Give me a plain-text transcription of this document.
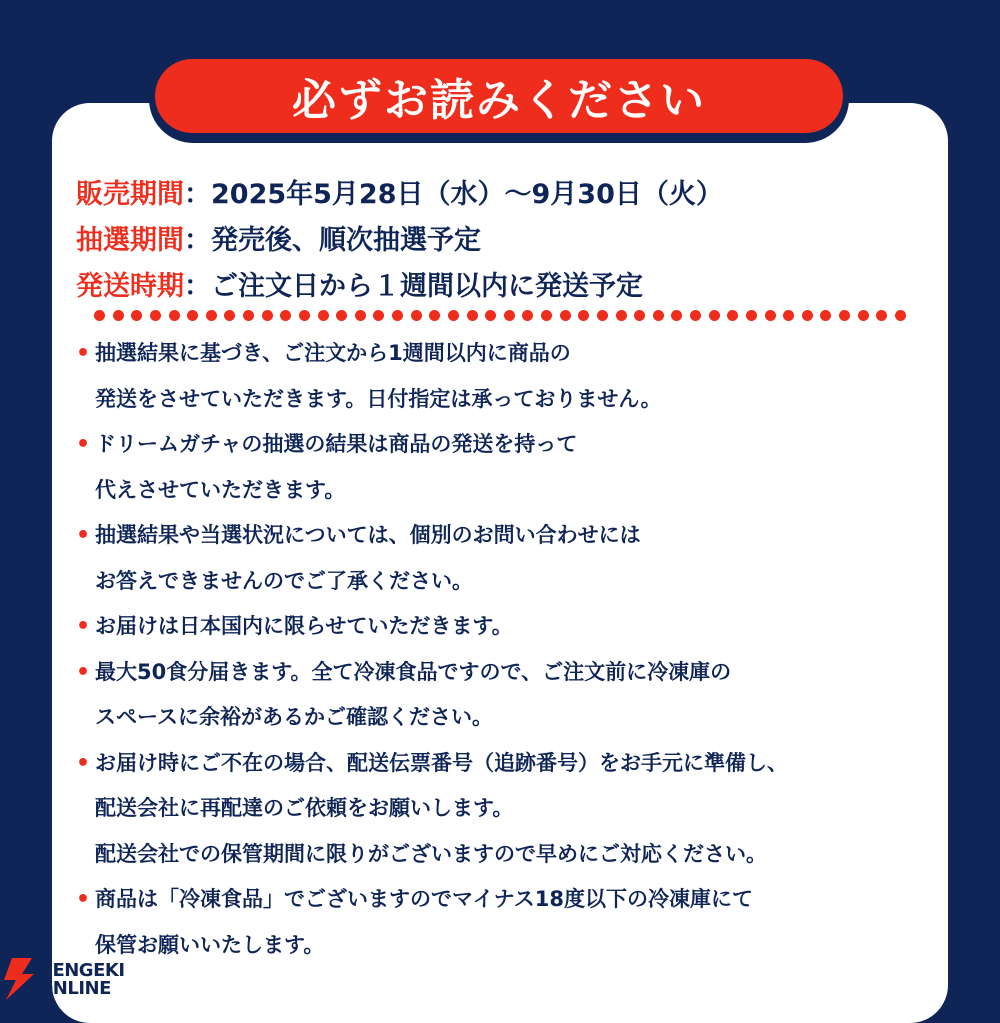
必ずお読みください
販売期間 ： 2025年5月28日（水）～9月30日（火）
抽選期間 ： 発売後、順次抽選予定
発送時期 ： ご注文日から１週間以内に発送予定
• 抽選結果に基づき、ご注文から1週間以内に商品の
発送をさせていただきます。日付指定は承っておりません。
• ドリームガチャの抽選の結果は商品の発送を持って
代えさせていただきます。
• 抽選結果や当選状況については、個別のお問い合わせには
お答えできませんのでご了承ください。
• お届けは日本国内に限らせていただきます。
• 最大50食分届きます。全て冷凍食品ですので、ご注文前に冷凍庫の
スペースに余裕があるかご確認ください。
• お届け時にご不在の場合、配送伝票番号（追跡番号）をお手元に準備し、
配送会社に再配達のご依頼をお願いします。
配送会社での保管期間に限りがございますので早めにご対応ください。
• 商品は「冷凍食品」でございますのでマイナス18度以下の冷凍庫にて
保管お願いいたします。
DENGEKI
ONLINE
